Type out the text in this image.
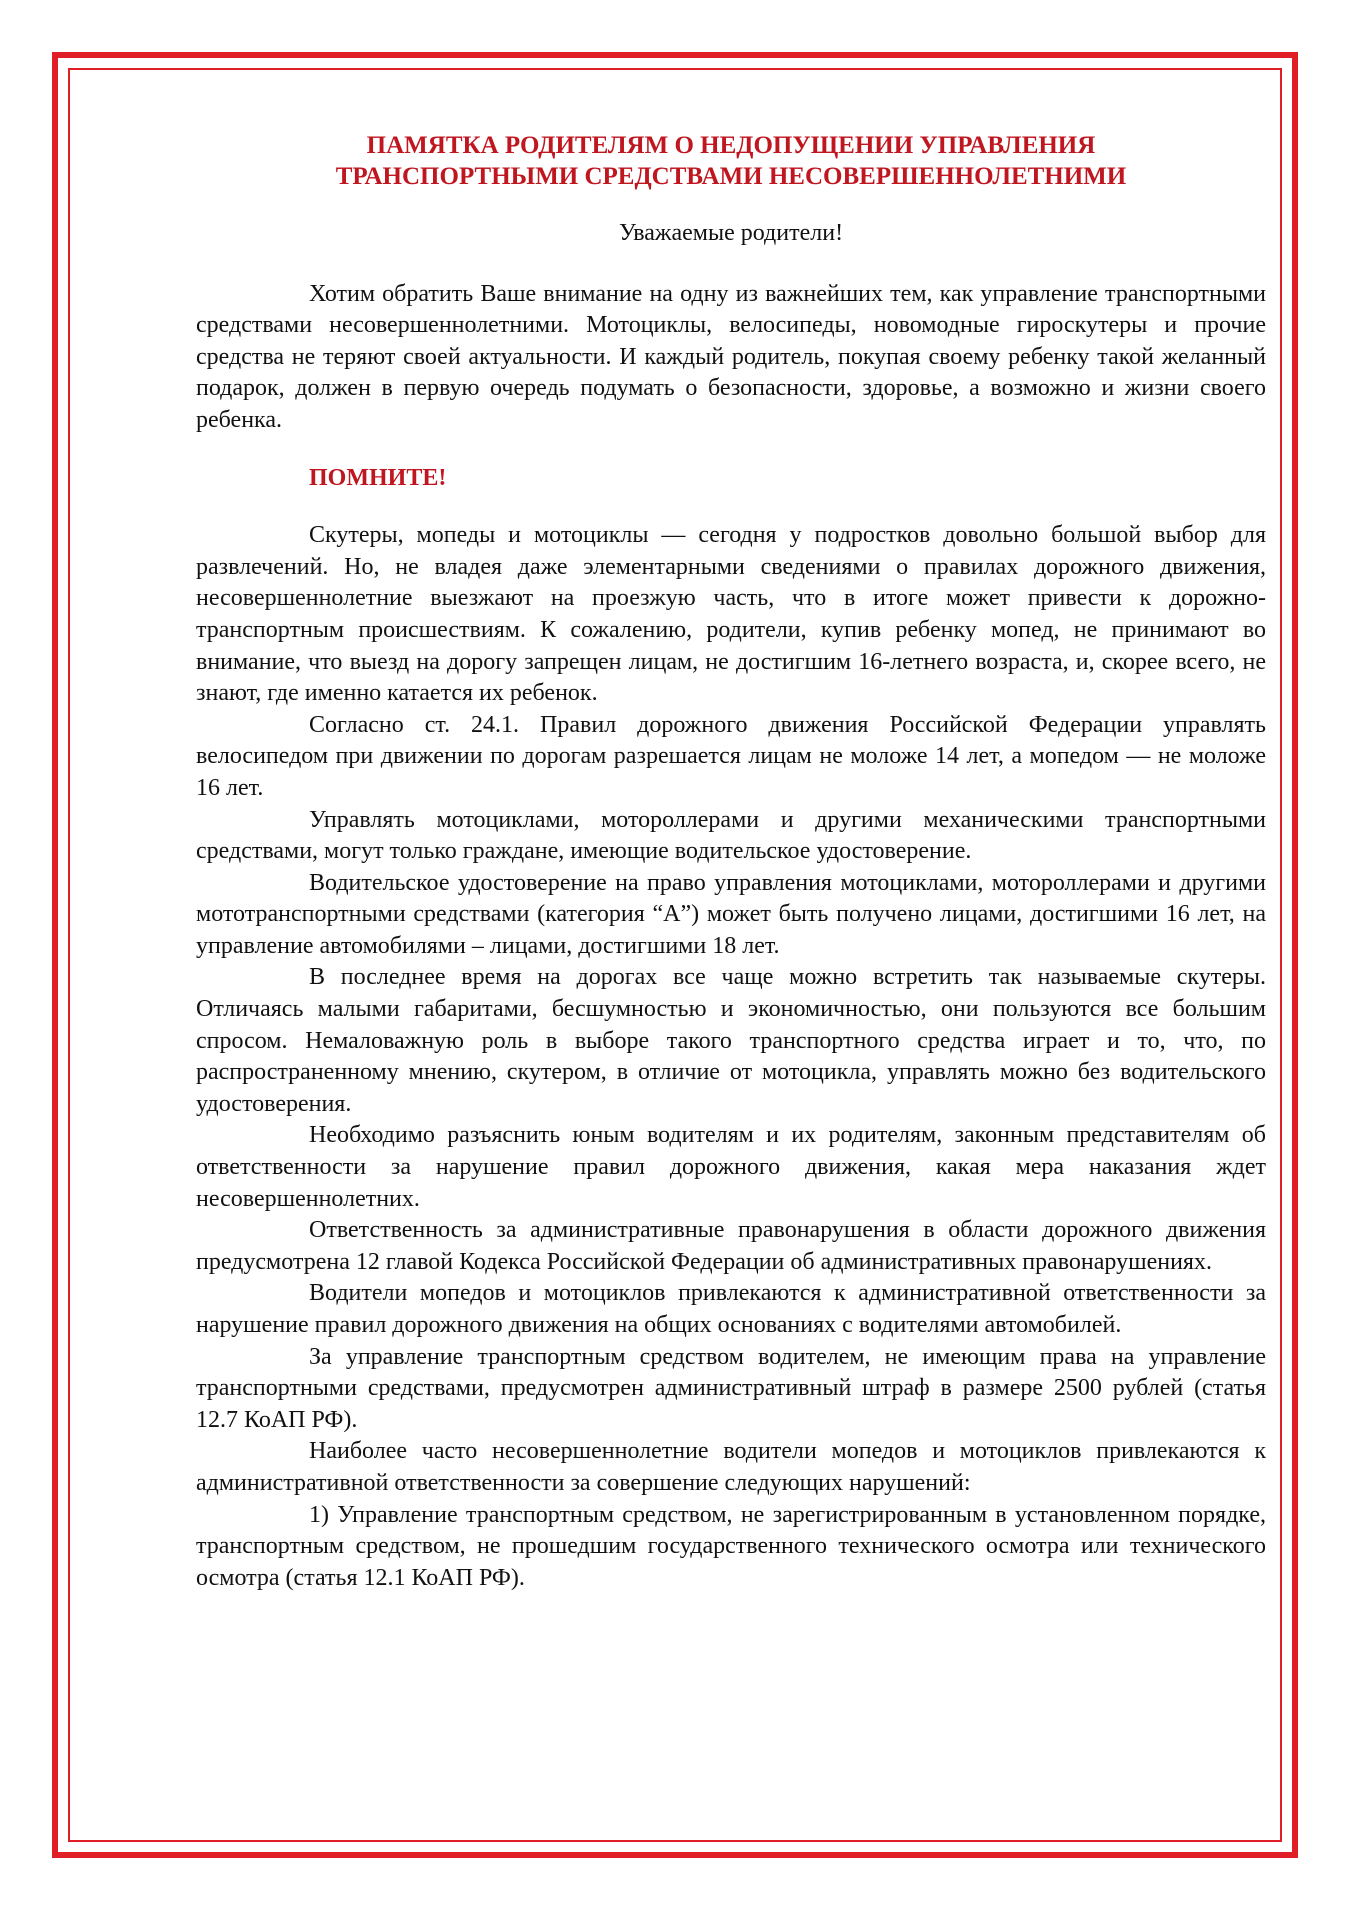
ПАМЯТКА РОДИТЕЛЯМ О НЕДОПУЩЕНИИ УПРАВЛЕНИЯ
ТРАНСПОРТНЫМИ СРЕДСТВАМИ НЕСОВЕРШЕННОЛЕТНИМИ

Уважаемые родители!

Хотим обратить Ваше внимание на одну из важнейших тем, как управление транспортными средствами несовершеннолетними. Мотоциклы, велосипеды, новомодные гироскутеры и прочие средства не теряют своей актуальности. И каждый родитель, покупая своему ребенку такой желанный подарок, должен в первую очередь подумать о безопасности, здоровье, а возможно и жизни своего ребенка.

ПОМНИТЕ!

Скутеры, мопеды и мотоциклы — сегодня у подростков довольно большой выбор для развлечений. Но, не владея даже элементарными сведениями о правилах дорожного движения, несовершеннолетние выезжают на проезжую часть, что в итоге может привести к дорожно-транспортным происшествиям. К сожалению, родители, купив ребенку мопед, не принимают во внимание, что выезд на дорогу запрещен лицам, не достигшим 16-летнего возраста, и, скорее всего, не знают, где именно катается их ребенок.

Согласно ст. 24.1. Правил дорожного движения Российской Федерации управлять велосипедом при движении по дорогам разрешается лицам не моложе 14 лет, а мопедом — не моложе 16 лет.

Управлять мотоциклами, мотороллерами и другими механическими транспортными средствами, могут только граждане, имеющие водительское удостоверение.

Водительское удостоверение на право управления мотоциклами, мотороллерами и другими мототранспортными средствами (категория “A”) может быть получено лицами, достигшими 16 лет, на управление автомобилями – лицами, достигшими 18 лет.

В последнее время на дорогах все чаще можно встретить так называемые скутеры. Отличаясь малыми габаритами, бесшумностью и экономичностью, они пользуются все большим спросом. Немаловажную роль в выборе такого транспортного средства играет и то, что, по распространенному мнению, скутером, в отличие от мотоцикла, управлять можно без водительского удостоверения.

Необходимо разъяснить юным водителям и их родителям, законным представителям об ответственности за нарушение правил дорожного движения, какая мера наказания ждет несовершеннолетних.

Ответственность за административные правонарушения в области дорожного движения предусмотрена 12 главой Кодекса Российской Федерации об административных правонарушениях.

Водители мопедов и мотоциклов привлекаются к административной ответственности за нарушение правил дорожного движения на общих основаниях с водителями автомобилей.

За управление транспортным средством водителем, не имеющим права на управление транспортными средствами, предусмотрен административный штраф в размере 2500 рублей (статья 12.7 КоАП РФ).

Наиболее часто несовершеннолетние водители мопедов и мотоциклов привлекаются к административной ответственности за совершение следующих нарушений:

1) Управление транспортным средством, не зарегистрированным в установленном порядке, транспортным средством, не прошедшим государственного технического осмотра или технического осмотра (статья 12.1 КоАП РФ).
